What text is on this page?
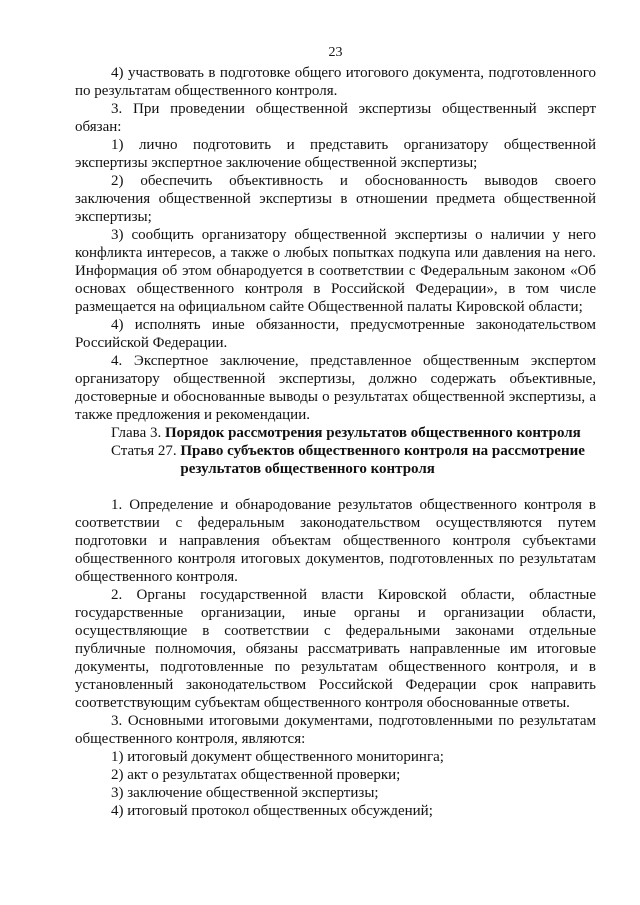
23

4) участвовать в подготовке общего итогового документа, подготовленного по результатам общественного контроля.

3. При проведении общественной экспертизы общественный эксперт обязан:

1) лично подготовить и представить организатору общественной экспертизы экспертное заключение общественной экспертизы;

2) обеспечить объективность и обоснованность выводов своего заключения общественной экспертизы в отношении предмета общественной экспертизы;

3) сообщить организатору общественной экспертизы о наличии у него конфликта интересов, а также о любых попытках подкупа или давления на него. Информация об этом обнародуется в соответствии с Федеральным законом «Об основах общественного контроля в Российской Федерации», в том числе размещается на официальном сайте Общественной палаты Кировской области;

4) исполнять иные обязанности, предусмотренные законодательством Российской Федерации.

4. Экспертное заключение, представленное общественным экспертом организатору общественной экспертизы, должно содержать объективные, достоверные и обоснованные выводы о результатах общественной экспертизы, а также предложения и рекомендации.

Глава 3. Порядок рассмотрения результатов общественного контроля

Статья 27. Право субъектов общественного контроля на рассмотрение результатов общественного контроля

1. Определение и обнародование результатов общественного контроля в соответствии с федеральным законодательством осуществляются путем подготовки и направления объектам общественного контроля субъектами общественного контроля итоговых документов, подготовленных по результатам общественного контроля.

2. Органы государственной власти Кировской области, областные государственные организации, иные органы и организации области, осуществляющие в соответствии с федеральными законами отдельные публичные полномочия, обязаны рассматривать направленные им итоговые документы, подготовленные по результатам общественного контроля, и в установленный законодательством Российской Федерации срок направить соответствующим субъектам общественного контроля обоснованные ответы.

3. Основными итоговыми документами, подготовленными по результатам общественного контроля, являются:

1) итоговый документ общественного мониторинга;

2) акт о результатах общественной проверки;

3) заключение общественной экспертизы;

4) итоговый протокол общественных обсуждений;
